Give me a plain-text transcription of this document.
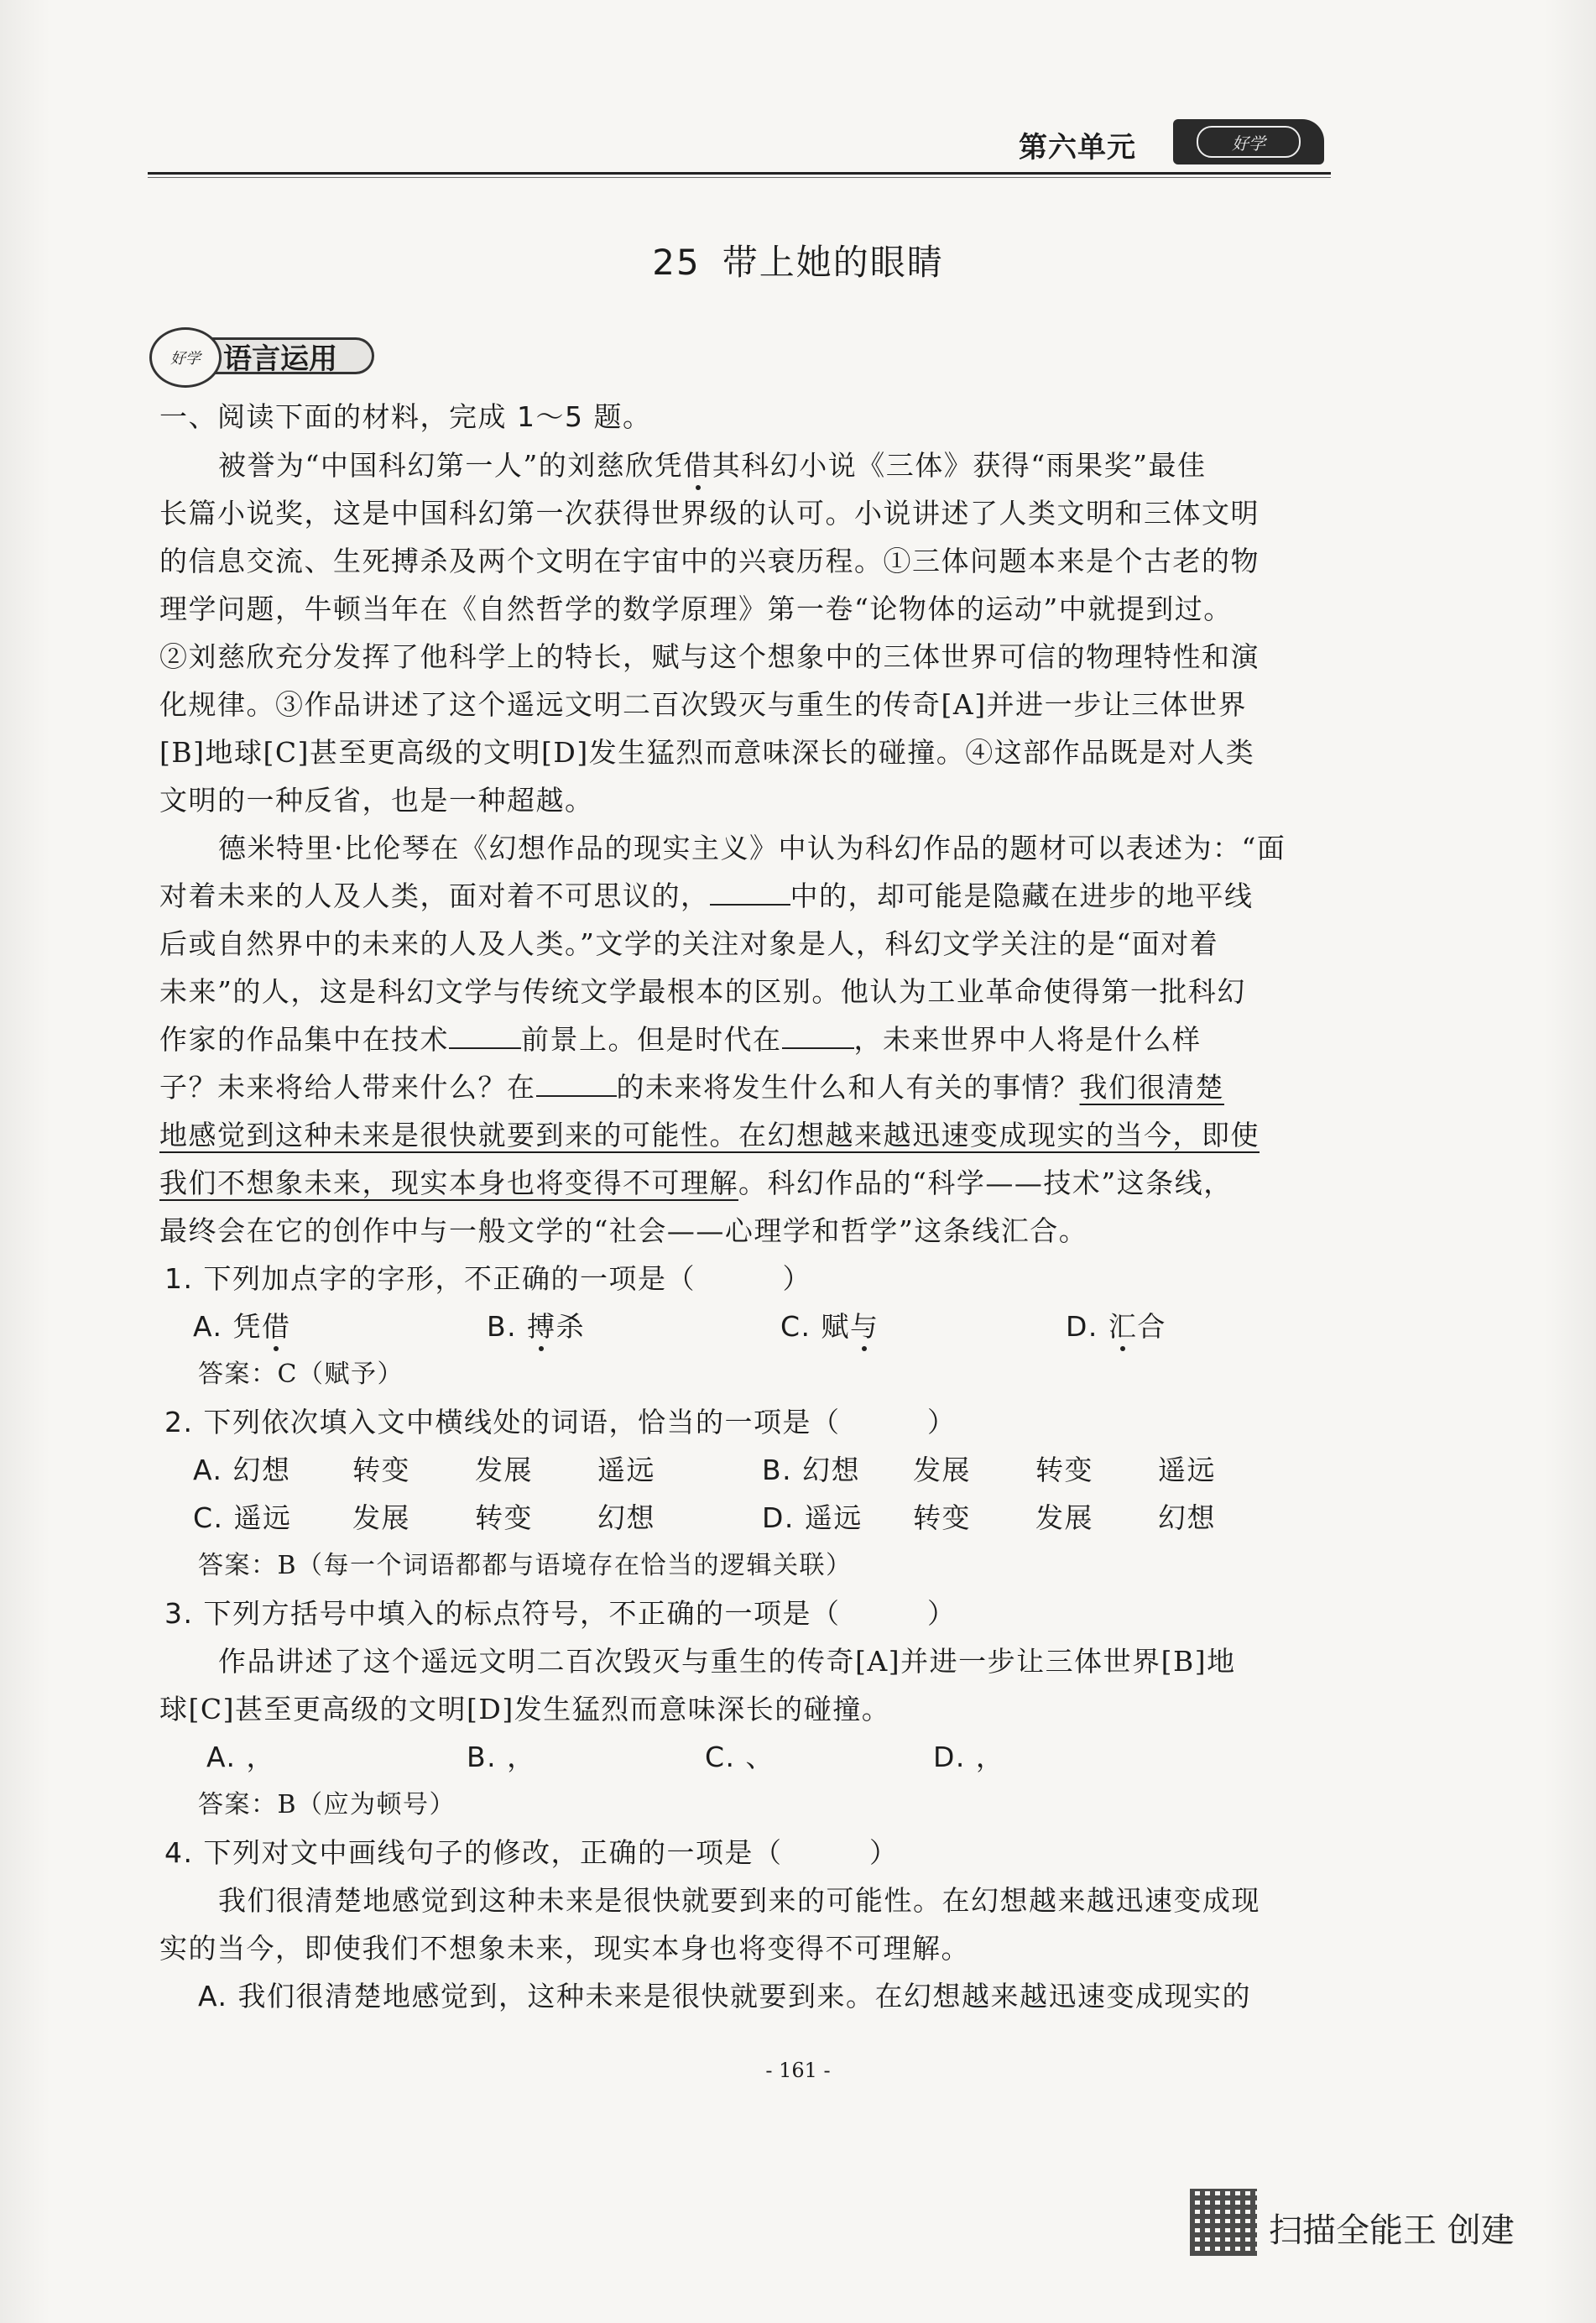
第六单元	好学
25 带上她的眼睛
语言运用
好学
一、阅读下面的材料，完成 1～5 题。
被誉为“中国科幻第一人”的刘慈欣凭借其科幻小说《三体》获得“雨果奖”最佳
长篇小说奖，这是中国科幻第一次获得世界级的认可。小说讲述了人类文明和三体文明
的信息交流、生死搏杀及两个文明在宇宙中的兴衰历程。①三体问题本来是个古老的物
理学问题，牛顿当年在《自然哲学的数学原理》第一卷“论物体的运动”中就提到过。
②刘慈欣充分发挥了他科学上的特长，赋与这个想象中的三体世界可信的物理特性和演
化规律。③作品讲述了这个遥远文明二百次毁灭与重生的传奇[A]并进一步让三体世界
[B]地球[C]甚至更高级的文明[D]发生猛烈而意味深长的碰撞。④这部作品既是对人类
文明的一种反省，也是一种超越。
德米特里·比伦琴在《幻想作品的现实主义》中认为科幻作品的题材可以表述为：“面
对着未来的人及人类，面对着不可思议的，	中的，却可能是隐藏在进步的地平线
后或自然界中的未来的人及人类。”文学的关注对象是人，科幻文学关注的是“面对着
未来”的人，这是科幻文学与传统文学最根本的区别。他认为工业革命使得第一批科幻
作家的作品集中在技术	前景上。但是时代在	，未来世界中人将是什么样
子？未来将给人带来什么？在	的未来将发生什么和人有关的事情？我们很清楚
地感觉到这种未来是很快就要到来的可能性。在幻想越来越迅速变成现实的当今，即使
我们不想象未来，现实本身也将变得不可理解。科幻作品的“科学——技术”这条线，
最终会在它的创作中与一般文学的“社会——心理学和哲学”这条线汇合。
1. 下列加点字的字形，不正确的一项是（　　　）
A. 凭借	B. 搏杀	C. 赋与	D. 汇合
答案：C（赋予）
2. 下列依次填入文中横线处的词语，恰当的一项是（　　　）
A. 幻想 转变 发展 遥远	B. 幻想 发展 转变 遥远
C. 遥远 发展 转变 幻想	D. 遥远 转变 发展 幻想
答案：B（每一个词语都都与语境存在恰当的逻辑关联）
3. 下列方括号中填入的标点符号，不正确的一项是（　　　）
作品讲述了这个遥远文明二百次毁灭与重生的传奇[A]并进一步让三体世界[B]地
球[C]甚至更高级的文明[D]发生猛烈而意味深长的碰撞。
A. ，	B. ，	C. 、	D. ，
答案：B（应为顿号）
4. 下列对文中画线句子的修改，正确的一项是（　　　）
我们很清楚地感觉到这种未来是很快就要到来的可能性。在幻想越来越迅速变成现
实的当今，即使我们不想象未来，现实本身也将变得不可理解。
A. 我们很清楚地感觉到，这种未来是很快就要到来。在幻想越来越迅速变成现实的
- 161 -
扫描全能王 创建
